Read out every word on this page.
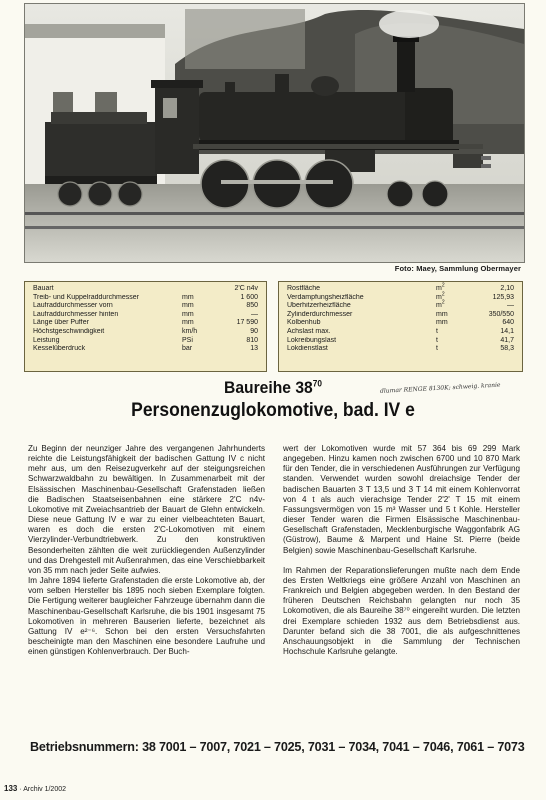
Foto: Maey, Sammlung Obermayer
Bauart	2'C n4v
Treib- und Kuppelraddurchmesser	mm	1 600
Laufraddurchmesser vorn	mm	850
Laufraddurchmesser hinten	mm	—
Länge über Puffer	mm	17 590
Höchstgeschwindigkeit	km/h	90
Leistung	PSi	810
Kesselüberdruck	bar	13
Rostfläche	$m^2$	2,10
Verdampfungsheizfläche	$m^2$	125,93
Überhitzerheizfläche	$m^2$	—
Zylinderdurchmesser	mm	350/550
Kolbenhub	mm	640
Achslast max.	t	14,1
Lokreibungslast	t	41,7
Lokdienstlast	t	58,3
dlumar RENGE 8130K; schweig. kranie
Baureihe $38^{70}$
Personenzuglokomotive, bad. IV e

Zu Beginn der neunziger Jahre des vergangenen Jahrhunderts reichte die Leistungsfähigkeit der badischen Gattung IV c nicht mehr aus, um den Reisezugverkehr auf der steigungsreichen Schwarzwaldbahn zu bewältigen. In Zusammenarbeit mit der Elsässischen Maschinenbau-Gesellschaft Grafenstaden ließen die Badischen Staatseisenbahnen eine stärkere 2'C n4v-Lokomotive mit Zweiachsantrieb der Bauart de Glehn entwickeln. Diese neue Gattung IV e war zu einer vielbeachteten Bauart, waren es doch die ersten 2'C-Lokomotiven mit einem Vierzylinder-Verbundtriebwerk. Zu den konstruktiven Besonderheiten zählten die weit zurückliegenden Außenzylinder und das Drehgestell mit Außenrahmen, das eine Verschiebbarkeit von 35 mm nach jeder Seite aufwies.

Im Jahre 1894 lieferte Grafenstaden die erste Lokomotive ab, der vom selben Hersteller bis 1895 noch sieben Exemplare folgten. Die Fertigung weiterer baugleicher Fahrzeuge übernahm dann die Maschinenbau-Gesellschaft Karlsruhe, die bis 1901 insgesamt 75 Lokomotiven in mehreren Bauserien lieferte, bezeichnet als Gattung IV e²⁻⁶. Schon bei den ersten Versuchsfahrten bescheinigte man den Maschinen eine besondere Laufruhe und einen günstigen Kohlenverbrauch. Der Buch-

wert der Lokomotiven wurde mit 57 364 bis 69 299 Mark angegeben. Hinzu kamen noch zwischen 6700 und 10 870 Mark für den Tender, die in verschiedenen Ausführungen zur Verfügung standen. Verwendet wurden sowohl dreiachsige Tender der badischen Bauarten 3 T 13,5 und 3 T 14 mit einem Kohlenvorrat von 4 t als auch vierachsige Tender 2'2' T 15 mit einem Fassungsvermögen von 15 m³ Wasser und 5 t Kohle. Hersteller dieser Tender waren die Firmen Elsässische Maschinenbau-Gesellschaft Grafenstaden, Mecklenburgische Waggonfabrik AG (Güstrow), Baume & Marpent und Haine St. Pierre (beide Belgien) sowie Maschinenbau-Gesellschaft Karlsruhe.

Im Rahmen der Reparationslieferungen mußte nach dem Ende des Ersten Weltkriegs eine größere Anzahl von Maschinen an Frankreich und Belgien abgegeben werden. In den Bestand der früheren Deutschen Reichsbahn gelangten nur noch 35 Lokomotiven, die als Baureihe 38⁷⁰ eingereiht wurden. Die letzten drei Exemplare schieden 1932 aus dem Betriebsdienst aus. Darunter befand sich die 38 7001, die als aufgeschnittenes Anschauungsobjekt in die Sammlung der Technischen Hochschule Karlsruhe gelangte.

Betriebsnummern: 38 7001 – 7007, 7021 – 7025, 7031 – 7034, 7041 – 7046, 7061 – 7073
133 · Archiv 1/2002
